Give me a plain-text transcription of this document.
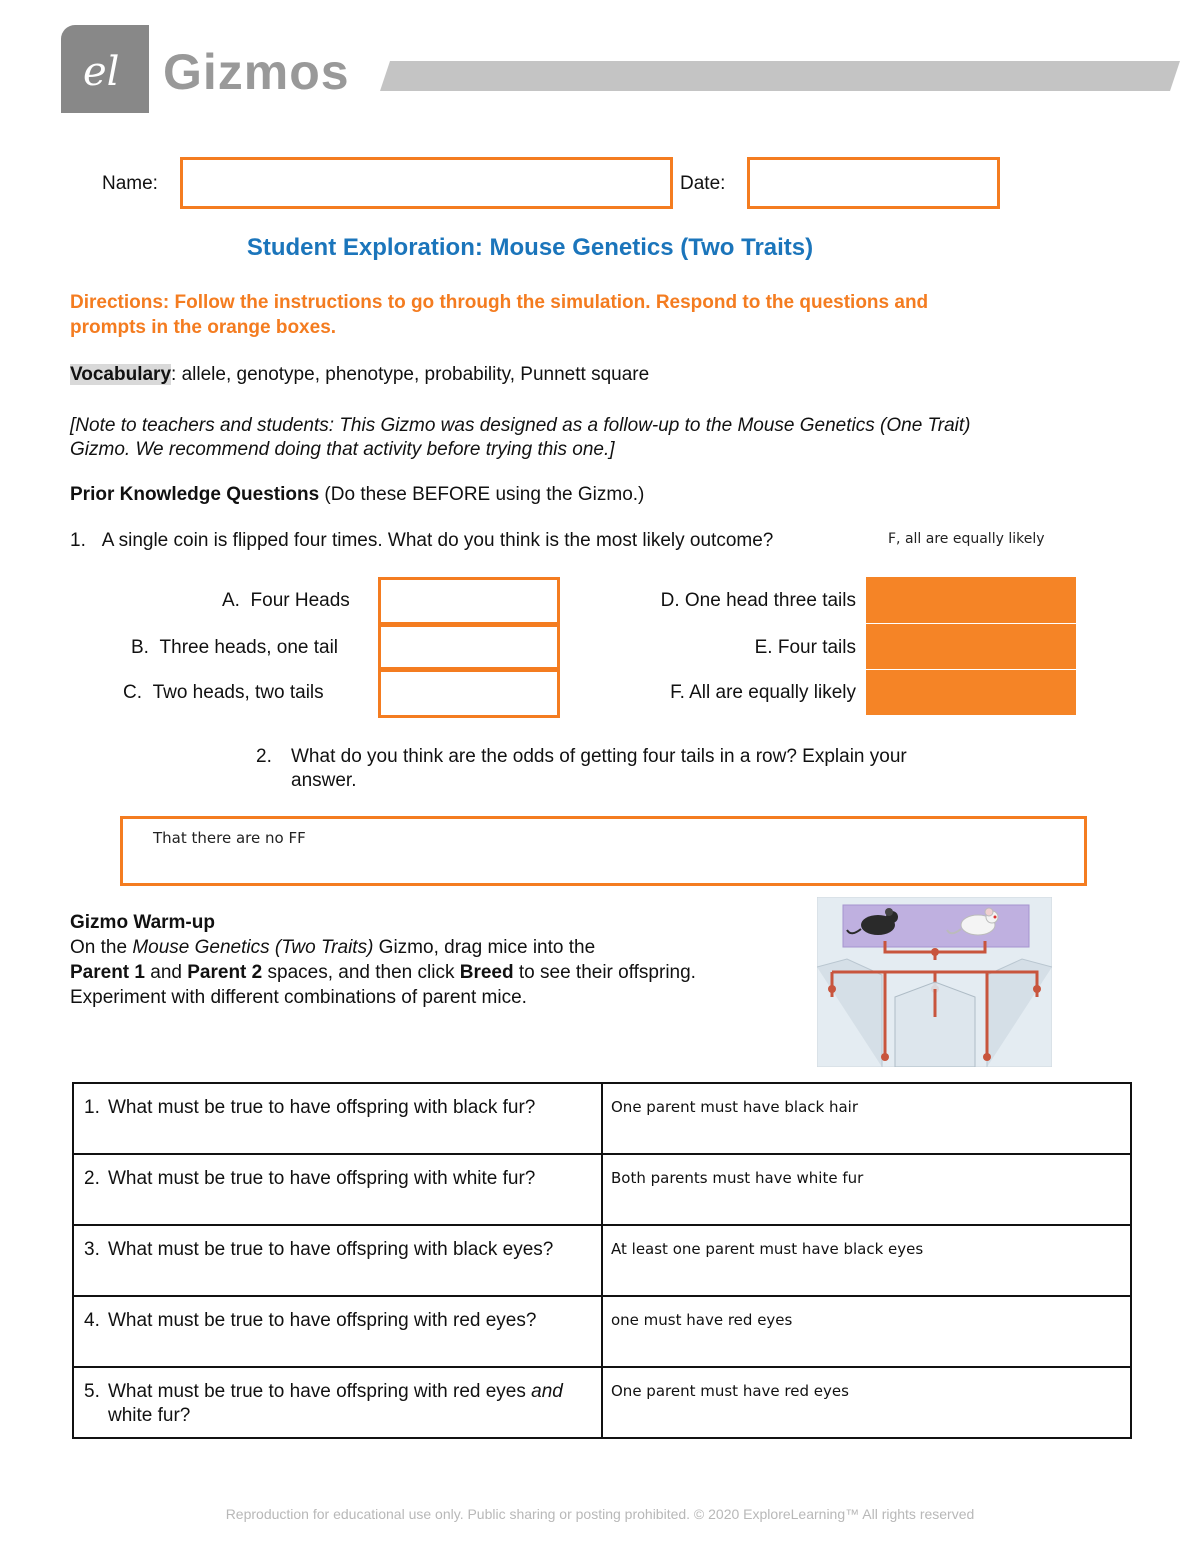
el Gizmos
Name:	Date:
Student Exploration: Mouse Genetics (Two Traits)
Directions: Follow the instructions to go through the simulation. Respond to the questions and prompts in the orange boxes.
Vocabulary: allele, genotype, phenotype, probability, Punnett square
[Note to teachers and students: This Gizmo was designed as a follow-up to the Mouse Genetics (One Trait) Gizmo. We recommend doing that activity before trying this one.]
Prior Knowledge Questions (Do these BEFORE using the Gizmo.)
1. A single coin is flipped four times. What do you think is the most likely outcome?	F, all are equally likely
A. Four Heads
B. Three heads, one tail
C. Two heads, two tails
D. One head three tails
E. Four tails
F. All are equally likely
2. What do you think are the odds of getting four tails in a row? Explain your answer.
That there are no FF
Gizmo Warm-up
On the Mouse Genetics (Two Traits) Gizmo, drag mice into the
Parent 1 and Parent 2 spaces, and then click Breed to see their offspring. Experiment with different combinations of parent mice.
1. What must be true to have offspring with black fur?	One parent must have black hair

2. What must be true to have offspring with white fur?	Both parents must have white fur

3. What must be true to have offspring with black eyes?	At least one parent must have black eyes

4. What must be true to have offspring with red eyes?	one must have red eyes

5. What must be true to have offspring with red eyes and white fur?	One parent must have red eyes
Reproduction for educational use only. Public sharing or posting prohibited. © 2020 ExploreLearning™ All rights reserved
